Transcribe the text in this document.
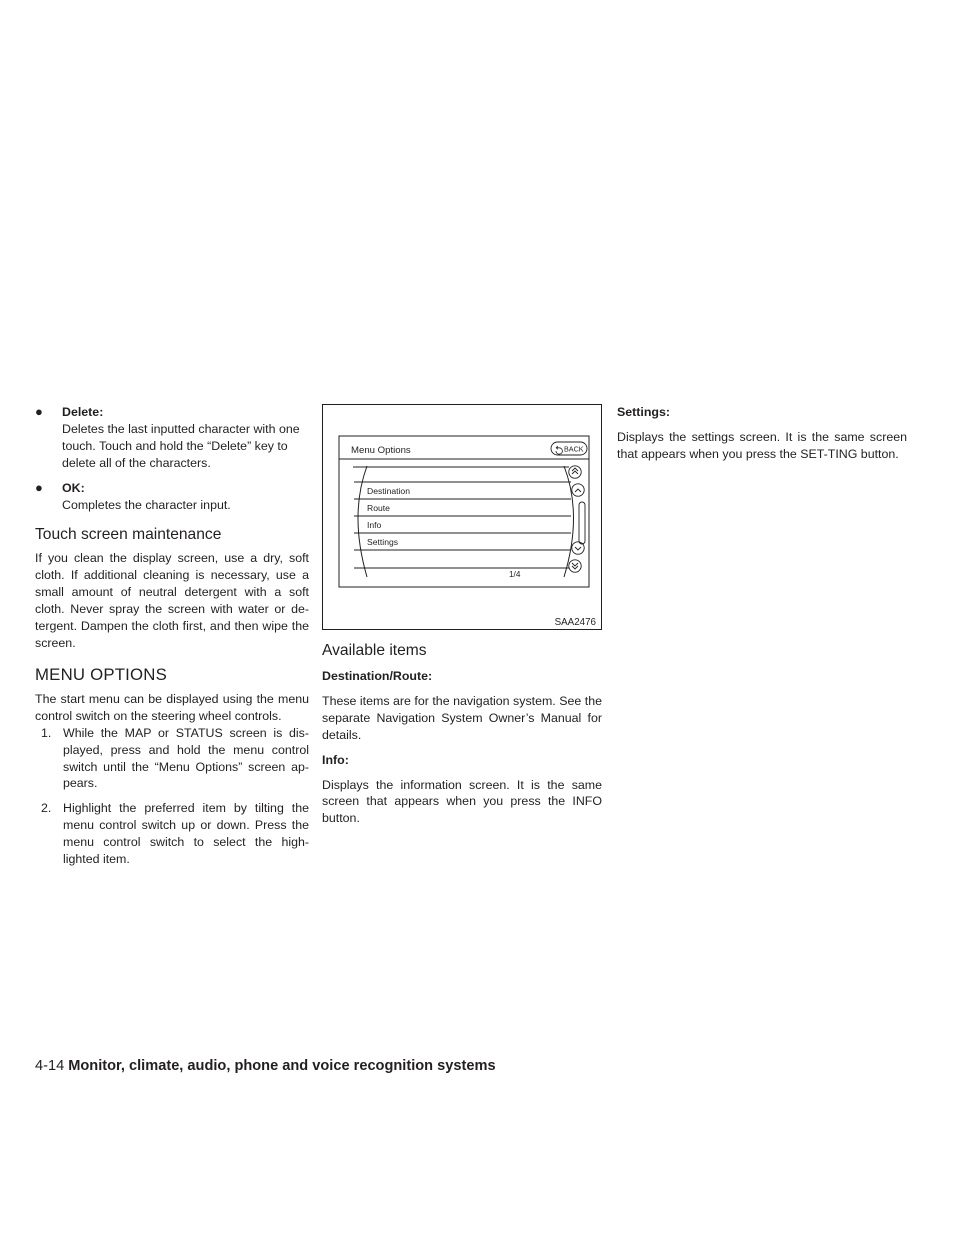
● Delete:
Deletes the last inputted character with one touch. Touch and hold the “Delete” key to delete all of the characters.
● OK:
Completes the character input.
Touch screen maintenance

If you clean the display screen, use a dry, soft cloth. If additional cleaning is necessary, use a small amount of neutral detergent with a soft cloth. Never spray the screen with water or de-tergent. Dampen the cloth first, and then wipe the screen.

MENU OPTIONS

The start menu can be displayed using the menu control switch on the steering wheel controls.

1. While the MAP or STATUS screen is dis-played, press and hold the menu control switch until the “Menu Options” screen ap-pears.
2. Highlight the preferred item by tilting the menu control switch up or down. Press the menu control switch to select the high-lighted item.
Menu Options	BACK
Destination
Route
Info
Settings
1/4
SAA2476
Available items
Destination/Route:

These items are for the navigation system. See the separate Navigation System Owner’s Manual for details.

Info:

Displays the information screen. It is the same screen that appears when you press the INFO button.

Settings:

Displays the settings screen. It is the same screen that appears when you press the SET-TING button.

4-14 Monitor, climate, audio, phone and voice recognition systems
